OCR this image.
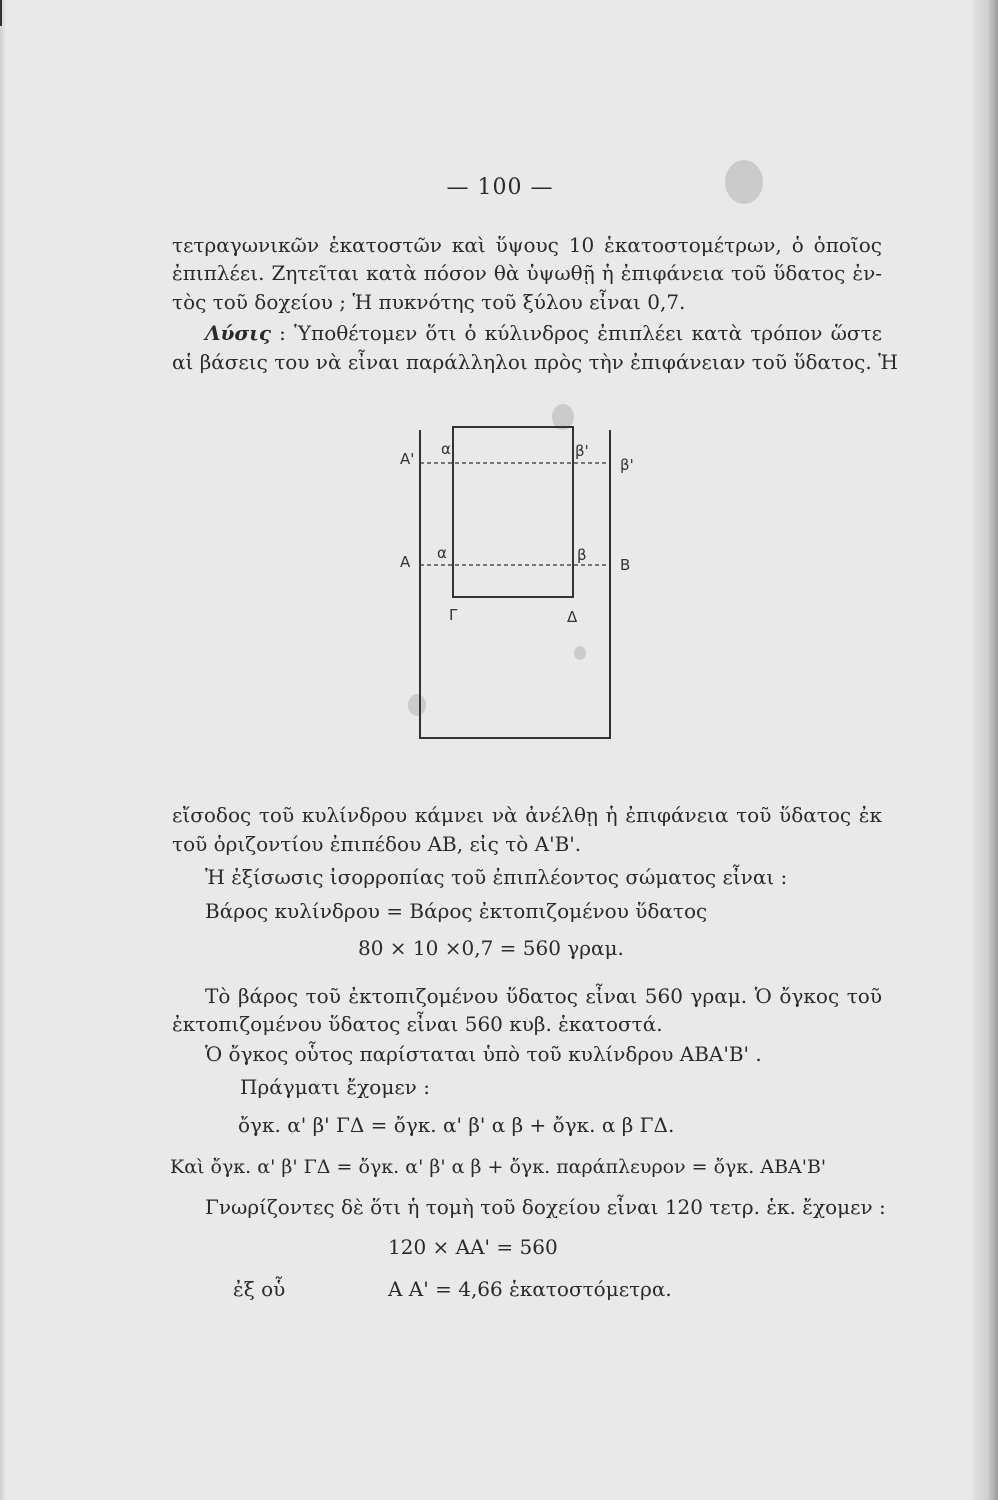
— 100 —
τετραγωνικῶν ἑκατοστῶν καὶ ὕψους 10 ἑκατοστομέτρων, ὁ ὁποῖος
ἐπιπλέει. Ζητεῖται κατὰ πόσον θὰ ὑψωθῇ ἡ ἐπιφάνεια τοῦ ὕδατος ἐν-
τὸς τοῦ δοχείου ; Ἡ πυκνότης τοῦ ξύλου εἶναι 0,7.
Λύσις : Ὑποθέτομεν ὅτι ὁ κύλινδρος ἐπιπλέει κατὰ τρόπον ὥστε
αἱ βάσεις του νὰ εἶναι παράλληλοι πρὸς τὴν ἐπιφάνειαν τοῦ ὕδατος. Ἡ
A'
α'	β'
β'
A α	β
B
Γ	Δ
εἴσοδος τοῦ κυλίνδρου κάμνει νὰ ἀνέλθῃ ἡ ἐπιφάνεια τοῦ ὕδατος ἐκ
τοῦ ὁριζοντίου ἐπιπέδου ΑΒ, εἰς τὸ Α'Β'.
Ἡ ἐξίσωσις ἰσορροπίας τοῦ ἐπιπλέοντος σώματος εἶναι :
Βάρος κυλίνδρου = Βάρος ἐκτοπιζομένου ὕδατος
80 × 10 ×0,7 = 560 γραμ.
Τὸ βάρος τοῦ ἐκτοπιζομένου ὕδατος εἶναι 560 γραμ. Ὁ ὄγκος τοῦ
ἐκτοπιζομένου ὕδατος εἶναι 560 κυβ. ἑκατοστά.
Ὁ ὄγκος οὗτος παρίσταται ὑπὸ τοῦ κυλίνδρου ΑΒΑ'Β' .
Πράγματι ἔχομεν :
ὄγκ. α' β' ΓΔ = ὄγκ. α' β' α β + ὄγκ. α β ΓΔ.
Καὶ ὄγκ. α' β' ΓΔ = ὄγκ. α' β' α β + ὄγκ. παράπλευρον = ὄγκ. ΑΒΑ'Β'
Γνωρίζοντες δὲ ὅτι ἡ τομὴ τοῦ δοχείου εἶναι 120 τετρ. ἑκ. ἔχομεν :
120 × AA' = 560
ἐξ οὗ	A A' = 4,66 ἑκατοστόμετρα.
